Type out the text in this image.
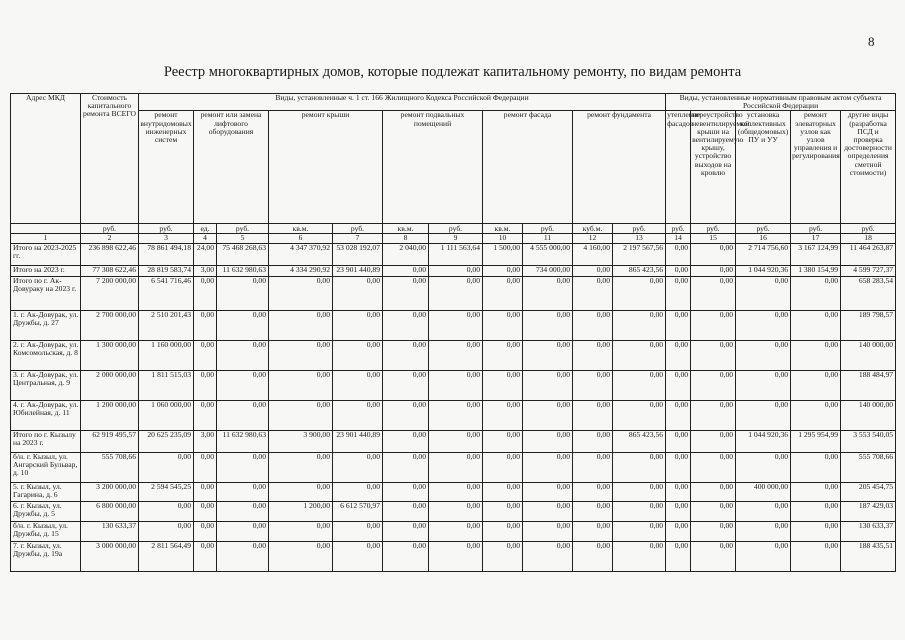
8
Реестр многоквартирных домов, которые подлежат капитальному ремонту, по видам ремонта
Адрес МКД	Стоимость капитального ремонта ВСЕГО	Виды, установленные ч. 1 ст. 166 Жилищного Кодекса Российской Федерации											Виды, установленные нормативным правовым актом субъекта Российской Федерации				
		ремонт внутридомовых инженерных систем	ремонт или замена лифтового оборудования		ремонт крыши		ремонт подвальных помещений		ремонт фасада		ремонт фундамента		утепление фасадов	переустройство невентилируемой крыши на вентилируемую крышу, устройство выходов на кровлю	установка коллективных (общедомовых) ПУ и УУ	ремонт элеваторных узлов как узлов управления и регулирования	другие виды (разработка ПСД и проверка достоверности определения сметной стоимости)
	руб.	руб.	ед.	руб.	кв.м.	руб.	кв.м.	руб.	кв.м.	руб.	куб.м.	руб.	руб.	руб.	руб.	руб.	руб.
1	2	3	4	5	6	7	8	9	10	11	12	13	14	15	16	17	18
Итого на 2023-2025 гг.	236 898 622,46	78 861 494,18	24,00	75 468 268,63	4 347 370,92	53 028 192,07	2 040,00	1 111 563,64	1 500,00	4 555 000,00	4 160,00	2 197 567,56	0,00	0,00	2 714 756,60	3 167 124,99	11 464 263,87
Итого на 2023 г.	77 308 622,46	28 819 583,74	3,00	11 632 980,63	4 334 290,92	23 901 440,89	0,00	0,00	0,00	734 000,00	0,00	865 423,56	0,00	0,00	1 044 920,36	1 380 154,99	4 599 727,37
Итого по г. Ак-Довураку на 2023 г.	7 200 000,00	6 541 716,46	0,00	0,00	0,00	0,00	0,00	0,00	0,00	0,00	0,00	0,00	0,00	0,00	0,00	0,00	658 283,54
1. г. Ак-Довурак, ул. Дружбы, д. 27	2 700 000,00	2 510 201,43	0,00	0,00	0,00	0,00	0,00	0,00	0,00	0,00	0,00	0,00	0,00	0,00	0,00	0,00	189 798,57
2. г. Ак-Довурак, ул. Комсомольская, д. 8	1 300 000,00	1 160 000,00	0,00	0,00	0,00	0,00	0,00	0,00	0,00	0,00	0,00	0,00	0,00	0,00	0,00	0,00	140 000,00
3. г. Ак-Довурак, ул. Центральная, д. 9	2 000 000,00	1 811 515,03	0,00	0,00	0,00	0,00	0,00	0,00	0,00	0,00	0,00	0,00	0,00	0,00	0,00	0,00	188 484,97
4. г. Ак-Довурак, ул. Юбилейная, д. 11	1 200 000,00	1 060 000,00	0,00	0,00	0,00	0,00	0,00	0,00	0,00	0,00	0,00	0,00	0,00	0,00	0,00	0,00	140 000,00
Итого по г. Кызылу на 2023 г.	62 919 495,57	20 625 235,09	3,00	11 632 980,63	3 900,00	23 901 440,89	0,00	0,00	0,00	0,00	0,00	865 423,56	0,00	0,00	1 044 920,36	1 295 954,99	3 553 540,05
б/н. г. Кызыл, ул. Ангарский Бульвар, д. 10	555 708,66	0,00	0,00	0,00	0,00	0,00	0,00	0,00	0,00	0,00	0,00	0,00	0,00	0,00	0,00	0,00	555 708,66
5. г. Кызыл, ул. Гагарина, д. 6	3 200 000,00	2 594 545,25	0,00	0,00	0,00	0,00	0,00	0,00	0,00	0,00	0,00	0,00	0,00	0,00	400 000,00	0,00	205 454,75
6. г. Кызыл, ул. Дружбы, д. 5	6 800 000,00	0,00	0,00	0,00	1 200,00	6 612 570,97	0,00	0,00	0,00	0,00	0,00	0,00	0,00	0,00	0,00	0,00	187 429,03
б/н. г. Кызыл, ул. Дружбы, д. 15	130 633,37	0,00	0,00	0,00	0,00	0,00	0,00	0,00	0,00	0,00	0,00	0,00	0,00	0,00	0,00	0,00	130 633,37
7. г. Кызыл, ул. Дружбы, д. 19а	3 000 000,00	2 811 564,49	0,00	0,00	0,00	0,00	0,00	0,00	0,00	0,00	0,00	0,00	0,00	0,00	0,00	0,00	188 435,51
